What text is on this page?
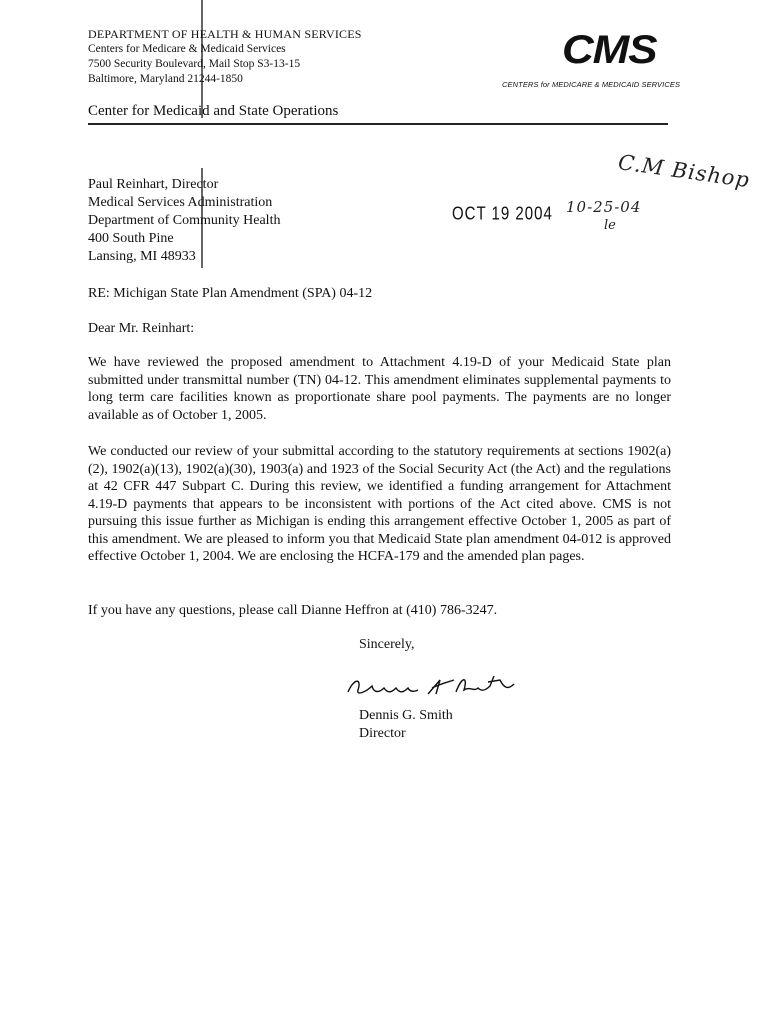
DEPARTMENT OF HEALTH & HUMAN SERVICES
Centers for Medicare & Medicaid Services
7500 Security Boulevard, Mail Stop S3-13-15
Baltimore, Maryland 21244-1850
CMS
CENTERS for MEDICARE & MEDICAID SERVICES
Center for Medicaid and State Operations
C.M Bishop
OCT 19 2004 10-25-04
le
Paul Reinhart, Director
Medical Services Administration
Department of Community Health
400 South Pine
Lansing, MI 48933
RE: Michigan State Plan Amendment (SPA) 04-12
Dear Mr. Reinhart:
We have reviewed the proposed amendment to Attachment 4.19-D of your Medicaid State plan submitted under transmittal number (TN) 04-12. This amendment eliminates supplemental payments to long term care facilities known as proportionate share pool payments. The payments are no longer available as of October 1, 2005.
We conducted our review of your submittal according to the statutory requirements at sections 1902(a)(2), 1902(a)(13), 1902(a)(30), 1903(a) and 1923 of the Social Security Act (the Act) and the regulations at 42 CFR 447 Subpart C. During this review, we identified a funding arrangement for Attachment 4.19-D payments that appears to be inconsistent with portions of the Act cited above. CMS is not pursuing this issue further as Michigan is ending this arrangement effective October 1, 2005 as part of this amendment. We are pleased to inform you that Medicaid State plan amendment 04-012 is approved effective October 1, 2004. We are enclosing the HCFA-179 and the amended plan pages.
If you have any questions, please call Dianne Heffron at (410) 786-3247.
Sincerely,
Dennis G. Smith
Director
